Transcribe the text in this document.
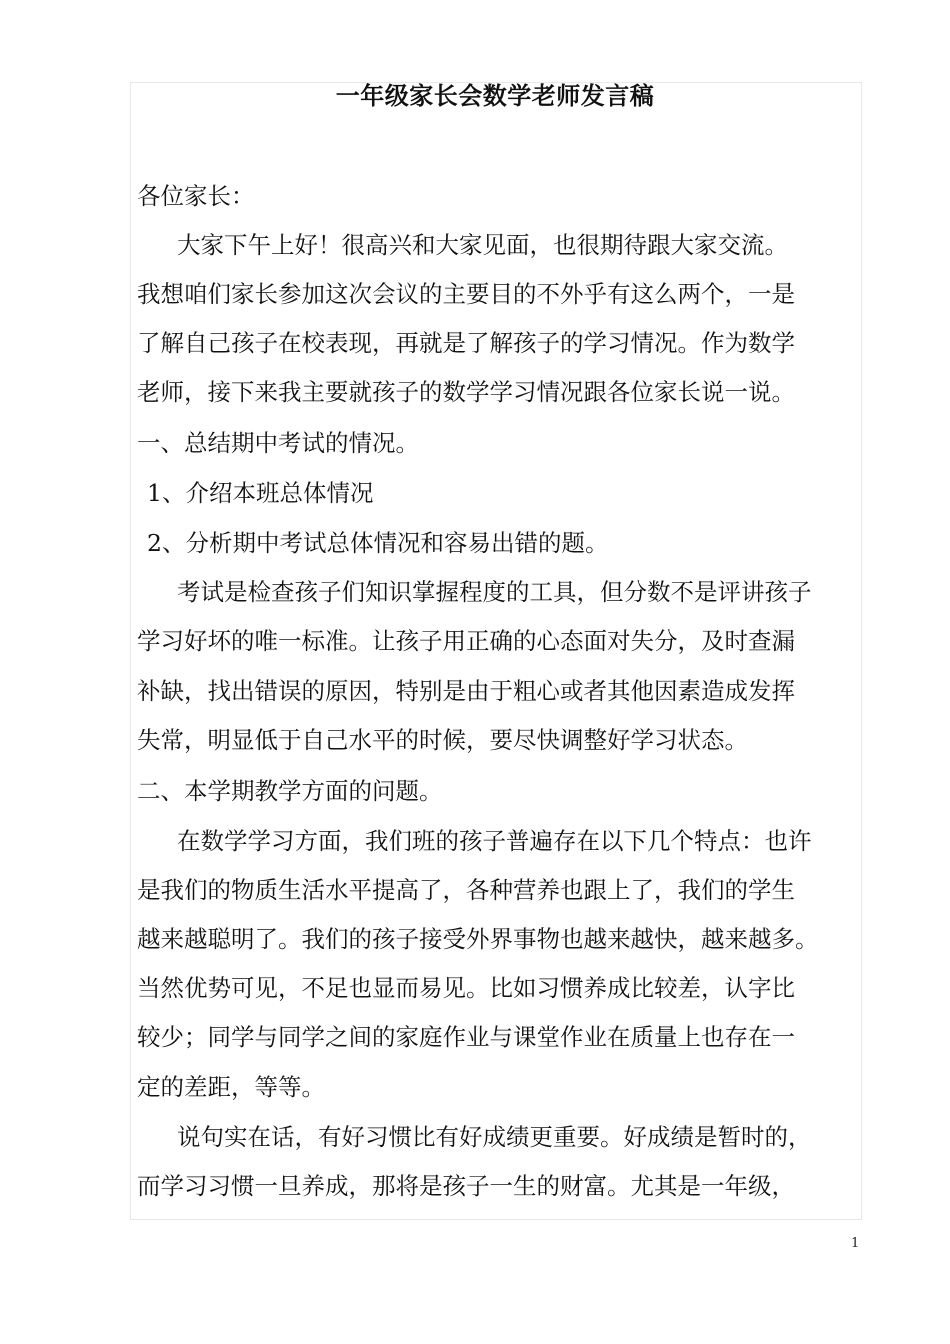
一年级家长会数学老师发言稿
各位家长：
大家下午上好！很高兴和大家见面，也很期待跟大家交流。
我想咱们家长参加这次会议的主要目的不外乎有这么两个，一是
了解自己孩子在校表现，再就是了解孩子的学习情况。作为数学
老师，接下来我主要就孩子的数学学习情况跟各位家长说一说。
一、总结期中考试的情况。
1、介绍本班总体情况
2、分析期中考试总体情况和容易出错的题。
考试是检查孩子们知识掌握程度的工具，但分数不是评讲孩子
学习好坏的唯一标准。让孩子用正确的心态面对失分，及时查漏
补缺，找出错误的原因，特别是由于粗心或者其他因素造成发挥
失常，明显低于自己水平的时候，要尽快调整好学习状态。
二、本学期教学方面的问题。
在数学学习方面，我们班的孩子普遍存在以下几个特点：也许
是我们的物质生活水平提高了，各种营养也跟上了，我们的学生
越来越聪明了。我们的孩子接受外界事物也越来越快，越来越多。
当然优势可见，不足也显而易见。比如习惯养成比较差，认字比
较少；同学与同学之间的家庭作业与课堂作业在质量上也存在一
定的差距，等等。
说句实在话，有好习惯比有好成绩更重要。好成绩是暂时的，
而学习习惯一旦养成，那将是孩子一生的财富。尤其是一年级，
1
